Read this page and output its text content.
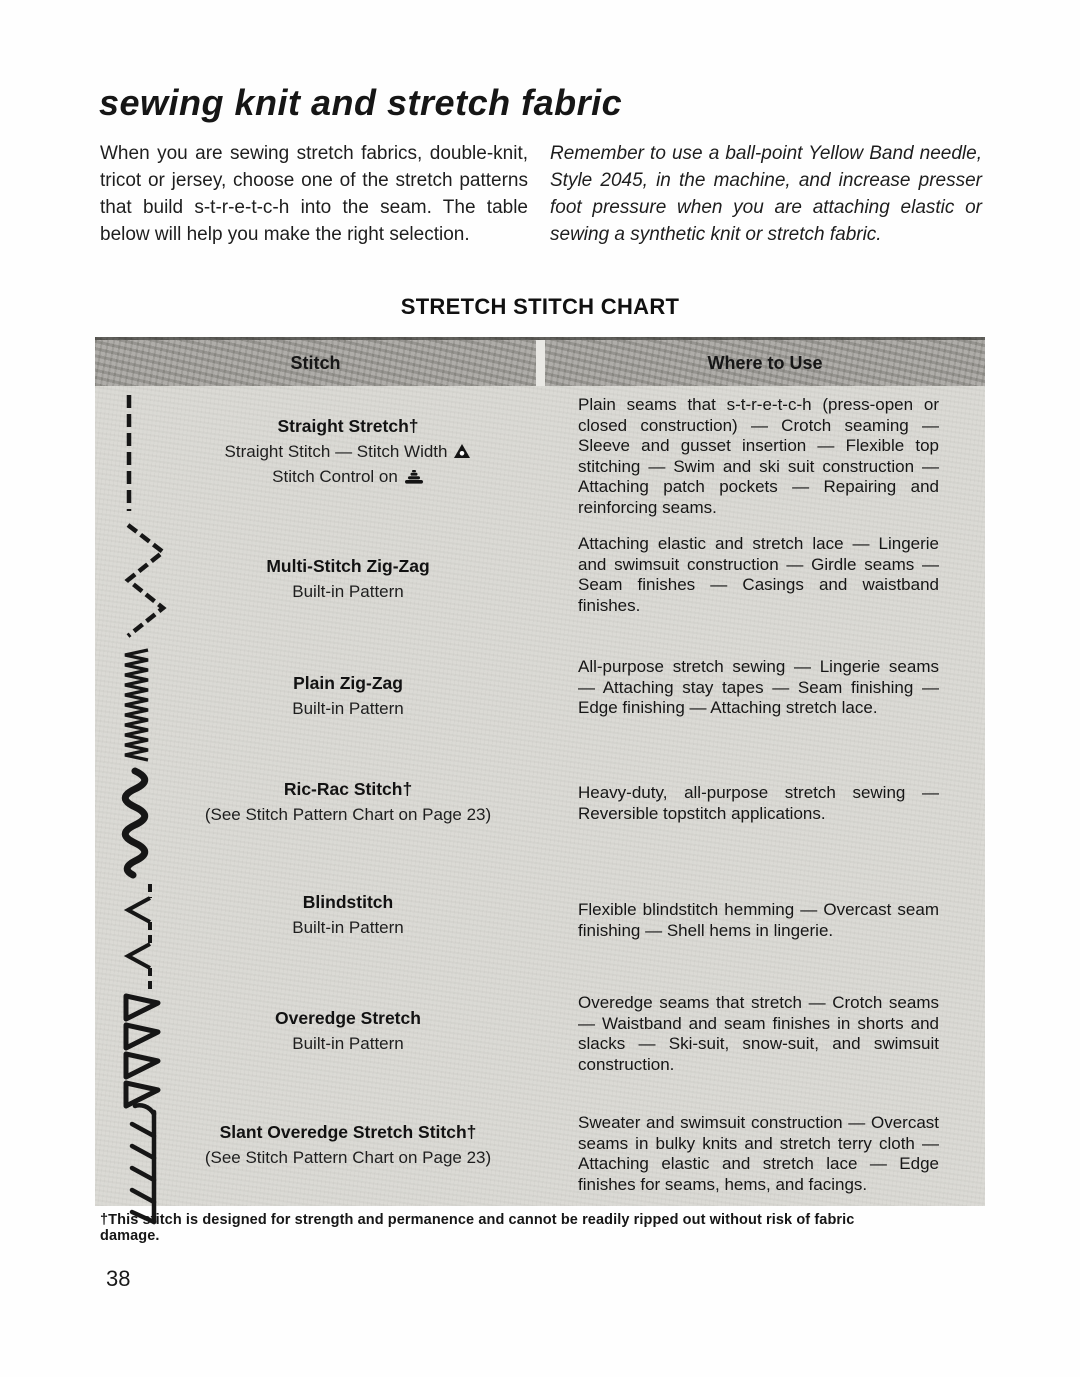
sewing knit and stretch fabric

When you are sewing stretch fabrics, double-knit, tricot or jersey, choose one of the stretch patterns that build s-t-r-e-t-c-h into the seam. The table below will help you make the right selection.

Remember to use a ball-point Yellow Band needle, Style 2045, in the machine, and increase presser foot pressure when you are attaching elastic or sewing a synthetic knit or stretch fabric.

STRETCH STITCH CHART
Stitch	Where to Use
Straight Stretch†
Straight Stitch — Stitch Width
Stitch Control on

Plain seams that s-t-r-e-t-c-h (press-open or closed construction) — Crotch seaming — Sleeve and gusset insertion — Flexible top stitching — Swim and ski suit construction — Attaching patch pockets — Repairing and reinforcing seams.

Multi-Stitch Zig-Zag
Built-in Pattern

Attaching elastic and stretch lace — Lingerie and swimsuit construction — Girdle seams — Seam finishes — Casings and waistband finishes.

Plain Zig-Zag
Built-in Pattern

All-purpose stretch sewing — Lingerie seams — Attaching stay tapes — Seam finishing — Edge finishing — Attaching stretch lace.

Ric-Rac Stitch†
(See Stitch Pattern Chart on Page 23)

Heavy-duty, all-purpose stretch sewing — Reversible topstitch applications.

Blindstitch
Built-in Pattern

Flexible blindstitch hemming — Overcast seam finishing — Shell hems in lingerie.

Overedge Stretch
Built-in Pattern

Overedge seams that stretch — Crotch seams — Waistband and seam finishes in shorts and slacks — Ski-suit, snow-suit, and swimsuit construction.

Slant Overedge Stretch Stitch†
(See Stitch Pattern Chart on Page 23)

Sweater and swimsuit construction — Overcast seams in bulky knits and stretch terry cloth — Attaching elastic and stretch lace — Edge finishes for seams, hems, and facings.

†This stitch is designed for strength and permanence and cannot be readily ripped out without risk of fabric damage.

38
